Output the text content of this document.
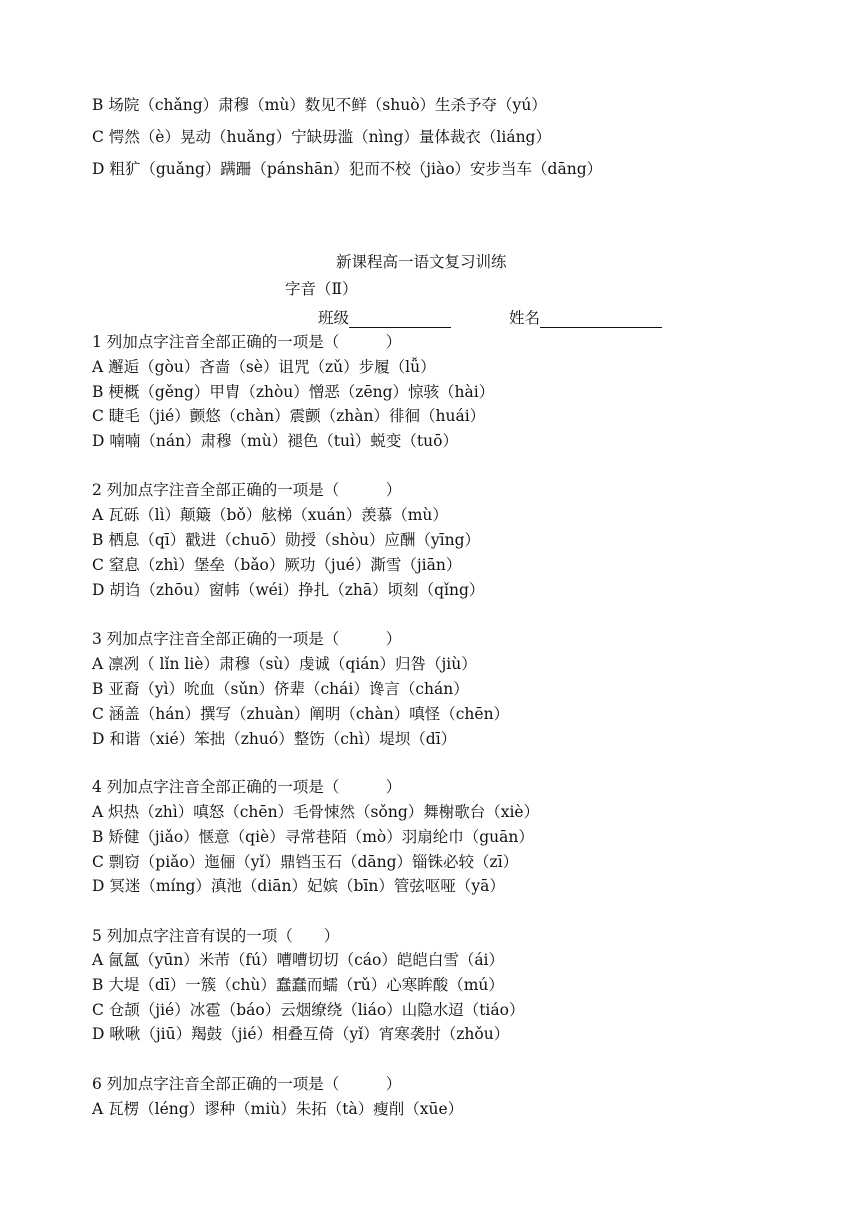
B 场院（chǎng）肃穆（mù）数见不鲜（shuò）生杀予夺（yú）
C 愕然（è）晃动（huǎng）宁缺毋滥（nìng）量体裁衣（liáng）
D 粗犷（guǎng）蹒跚（pánshān）犯而不校（jiào）安步当车（dāng）
新课程高一语文复习训练
字音（Ⅱ）
班级	姓名
1 列加点字注音全部正确的一项是（　　　）
A 邂逅（gòu）吝啬（sè）诅咒（zǔ）步履（lǚ）
B 梗概（gěng）甲胄（zhòu）憎恶（zēng）惊骇（hài）
C 睫毛（jié）颤悠（chàn）震颤（zhàn）徘徊（huái）
D 喃喃（nán）肃穆（mù）褪色（tuì）蜕变（tuō）
2 列加点字注音全部正确的一项是（　　　）
A 瓦砾（lì）颠簸（bǒ）舷梯（xuán）羡慕（mù）
B 栖息（qī）戳进（chuō）勋授（shòu）应酬（yīng）
C 窒息（zhì）堡垒（bǎo）厥功（jué）澌雪（jiān）
D 胡诌（zhōu）窗帏（wéi）挣扎（zhā）顷刻（qǐng）
3 列加点字注音全部正确的一项是（　　　）
A 凛冽（ lǐn liè）肃穆（sù）虔诚（qián）归咎（jiù）
B 亚裔（yì）吮血（sǔn）侪辈（chái）谗言（chán）
C 涵盖（hán）撰写（zhuàn）阐明（chàn）嗔怪（chēn）
D 和谐（xié）笨拙（zhuó）整饬（chì）堤坝（dī）
4 列加点字注音全部正确的一项是（　　　）
A 炽热（zhì）嗔怒（chēn）毛骨悚然（sǒng）舞榭歌台（xiè）
B 矫健（jiǎo）惬意（qiè）寻常巷陌（mò）羽扇纶巾（guān）
C 剽窃（piǎo）迤俪（yǐ）鼎铛玉石（dāng）锱铢必较（zī）
D 冥迷（míng）滇池（diān）妃嫔（bīn）管弦呕哑（yā）
5 列加点字注音有误的一项（　　）
A 氤氲（yūn）米芾（fú）嘈嘈切切（cáo）皑皑白雪（ái）
B 大堤（dī）一簇（chù）蠢蠢而蠕（rǔ）心寒眸酸（mú）
C 仓颉（jié）冰雹（báo）云烟缭绕（liáo）山隐水迢（tiáo）
D 啾啾（jiū）羯鼓（jié）相叠互倚（yǐ）宵寒袭肘（zhǒu）
6 列加点字注音全部正确的一项是（　　　）
A 瓦楞（léng）谬种（miù）朱拓（tà）瘦削（xūe）
